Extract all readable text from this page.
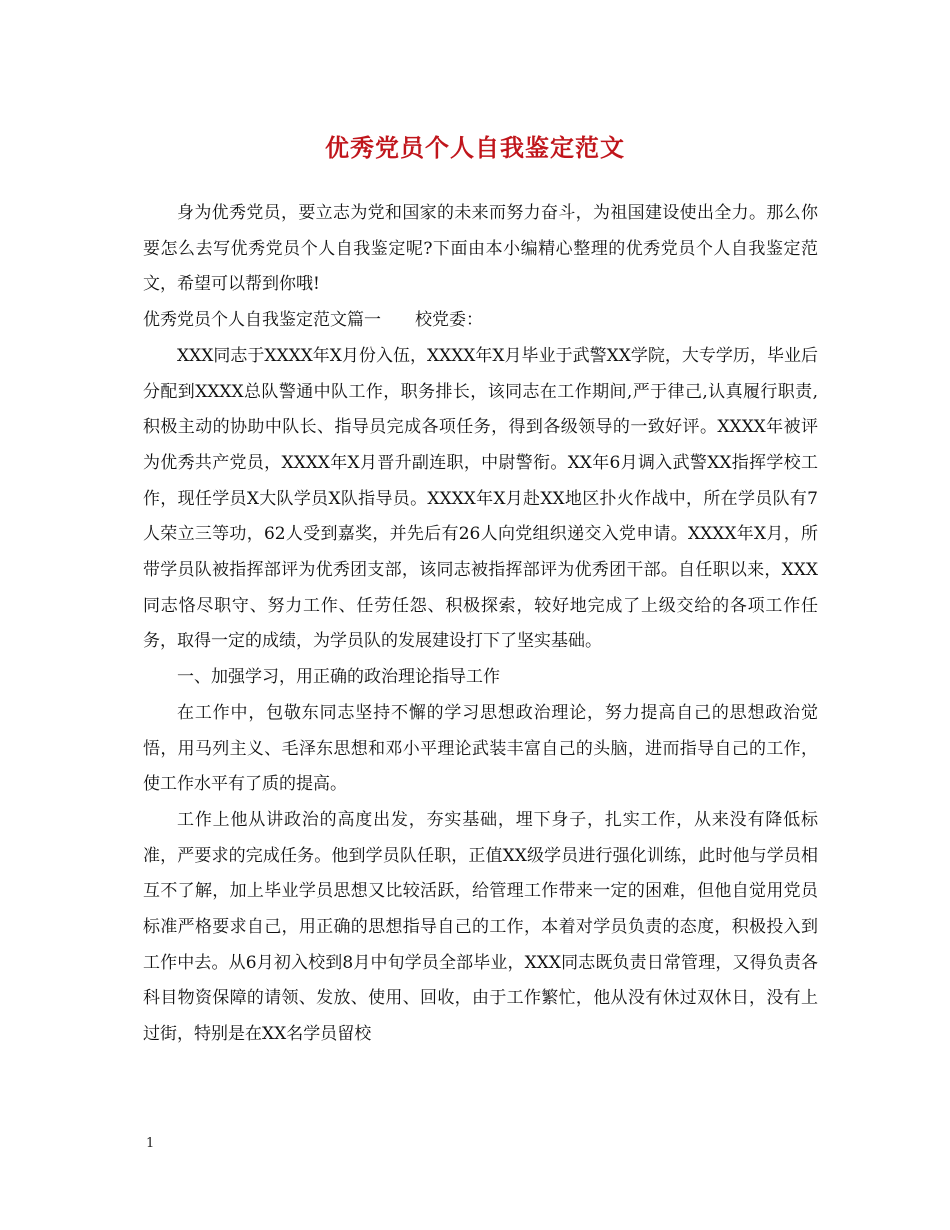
优秀党员个人自我鉴定范文

身为优秀党员，要立志为党和国家的未来而努力奋斗，为祖国建设使出全力。那么你要怎么去写优秀党员个人自我鉴定呢?下面由本小编精心整理的优秀党员个人自我鉴定范文，希望可以帮到你哦!

优秀党员个人自我鉴定范文篇一　　校党委：

XXX同志于XXXX年X月份入伍，XXXX年X月毕业于武警XX学院，大专学历，毕业后分配到XXXX总队警通中队工作，职务排长，该同志在工作期间,严于律己,认真履行职责,积极主动的协助中队长、指导员完成各项任务，得到各级领导的一致好评。XXXX年被评为优秀共产党员，XXXX年X月晋升副连职，中尉警衔。XX年6月调入武警XX指挥学校工作，现任学员X大队学员X队指导员。XXXX年X月赴XX地区扑火作战中，所在学员队有7人荣立三等功，62人受到嘉奖，并先后有26人向党组织递交入党申请。XXXX年X月，所带学员队被指挥部评为优秀团支部，该同志被指挥部评为优秀团干部。自任职以来，XXX同志恪尽职守、努力工作、任劳任怨、积极探索，较好地完成了上级交给的各项工作任务，取得一定的成绩，为学员队的发展建设打下了坚实基础。

一、加强学习，用正确的政治理论指导工作

在工作中，包敬东同志坚持不懈的学习思想政治理论，努力提高自己的思想政治觉悟，用马列主义、毛泽东思想和邓小平理论武装丰富自己的头脑，进而指导自己的工作，使工作水平有了质的提高。

工作上他从讲政治的高度出发，夯实基础，埋下身子，扎实工作，从来没有降低标准，严要求的完成任务。他到学员队任职，正值XX级学员进行强化训练，此时他与学员相互不了解，加上毕业学员思想又比较活跃，给管理工作带来一定的困难，但他自觉用党员标准严格要求自己，用正确的思想指导自己的工作，本着对学员负责的态度，积极投入到工作中去。从6月初入校到8月中旬学员全部毕业，XXX同志既负责日常管理，又得负责各科目物资保障的请领、发放、使用、回收，由于工作繁忙，他从没有休过双休日，没有上过街，特别是在XX名学员留校

1
